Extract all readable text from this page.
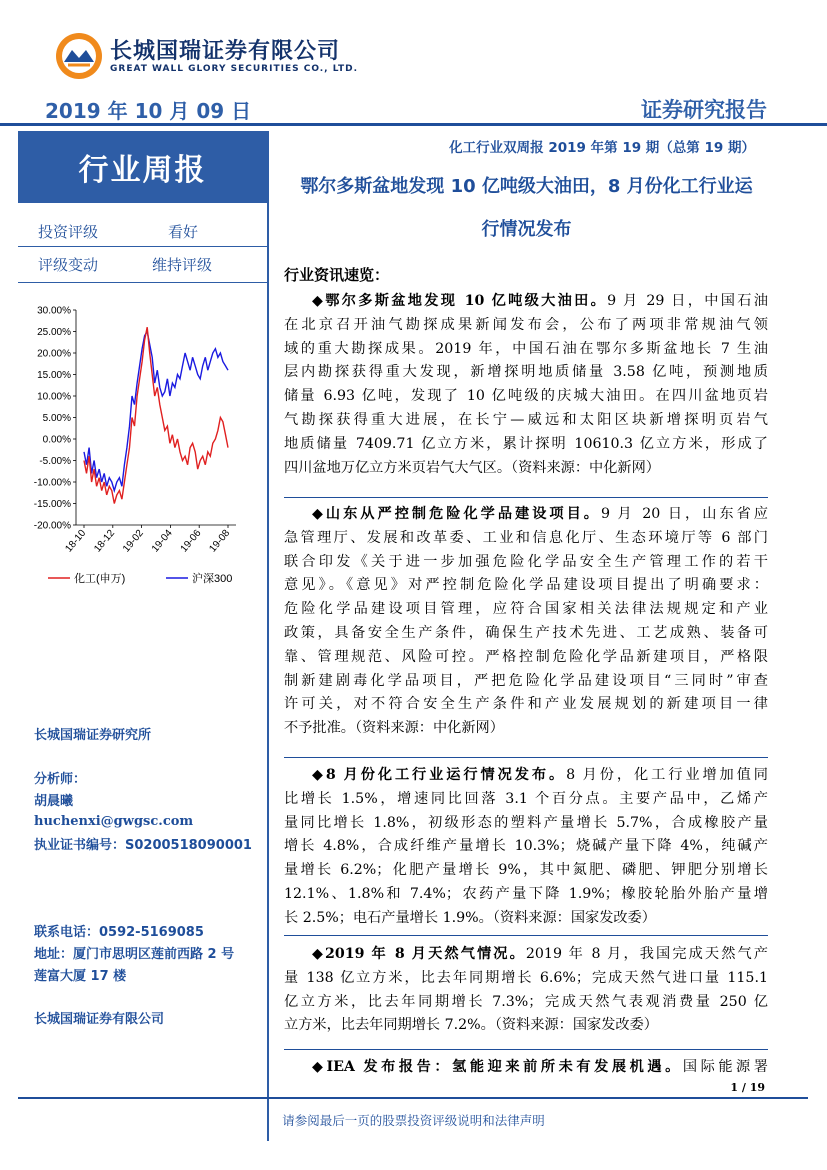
长城国瑞证券有限公司
GREAT WALL GLORY SECURITIES CO., LTD.
2019 年 10 月 09 日	证券研究报告
行业周报
投资评级	看好
评级变动	维持评级
30.00%
25.00%
20.00%
15.00%
10.00%
5.00%
0.00%
-5.00%
-10.00%
-15.00%
-20.00%
18-10 18-12 19-02 19-04 19-06 19-08
化工(申万)	沪深300
长城国瑞证券研究所
分析师：
胡晨曦
huchenxi@gwgsc.com
执业证书编号：S0200518090001
联系电话：0592-5169085
地址：厦门市思明区莲前西路 2 号
莲富大厦 17 楼
长城国瑞证券有限公司
化工行业双周报 2019 年第 19 期（总第 19 期）
鄂尔多斯盆地发现 10 亿吨级大油田，8 月份化工行业运
行情况发布
行业资讯速览：
◆鄂尔多斯盆地发现 10 亿吨级大油田。9 月 29 日，中国石油
在北京召开油气勘探成果新闻发布会，公布了两项非常规油气领
域的重大勘探成果。2019 年，中国石油在鄂尔多斯盆地长 7 生油
层内勘探获得重大发现，新增探明地质储量 3.58 亿吨，预测地质
储量 6.93 亿吨，发现了 10 亿吨级的庆城大油田。在四川盆地页岩
气勘探获得重大进展，在长宁—威远和太阳区块新增探明页岩气
地质储量 7409.71 亿立方米，累计探明 10610.3 亿立方米，形成了
四川盆地万亿立方米页岩气大气区。（资料来源：中化新网）
◆山东从严控制危险化学品建设项目。9 月 20 日，山东省应
急管理厅、发展和改革委、工业和信息化厅、生态环境厅等 6 部门
联合印发《关于进一步加强危险化学品安全生产管理工作的若干
意见》。《意见》对严控制危险化学品建设项目提出了明确要求：
危险化学品建设项目管理，应符合国家相关法律法规规定和产业
政策，具备安全生产条件，确保生产技术先进、工艺成熟、装备可
靠、管理规范、风险可控。严格控制危险化学品新建项目，严格限
制新建剧毒化学品项目，严把危险化学品建设项目“三同时”审查
许可关，对不符合安全生产条件和产业发展规划的新建项目一律
不予批准。（资料来源：中化新网）
◆8 月份化工行业运行情况发布。8 月份，化工行业增加值同
比增长 1.5%，增速同比回落 3.1 个百分点。主要产品中，乙烯产
量同比增长 1.8%，初级形态的塑料产量增长 5.7%，合成橡胶产量
增长 4.8%，合成纤维产量增长 10.3%；烧碱产量下降 4%，纯碱产
量增长 6.2%；化肥产量增长 9%，其中氮肥、磷肥、钾肥分别增长
12.1%、1.8%和 7.4%；农药产量下降 1.9%；橡胶轮胎外胎产量增
长 2.5%；电石产量增长 1.9%。（资料来源：国家发改委）
◆2019 年 8 月天然气情况。2019 年 8 月，我国完成天然气产
量 138 亿立方米，比去年同期增长 6.6%；完成天然气进口量 115.1
亿立方米，比去年同期增长 7.3%；完成天然气表观消费量 250 亿
立方米，比去年同期增长 7.2%。（资料来源：国家发改委）
◆IEA 发布报告：氢能迎来前所未有发展机遇。国际能源署
1 / 19
请参阅最后一页的股票投资评级说明和法律声明
